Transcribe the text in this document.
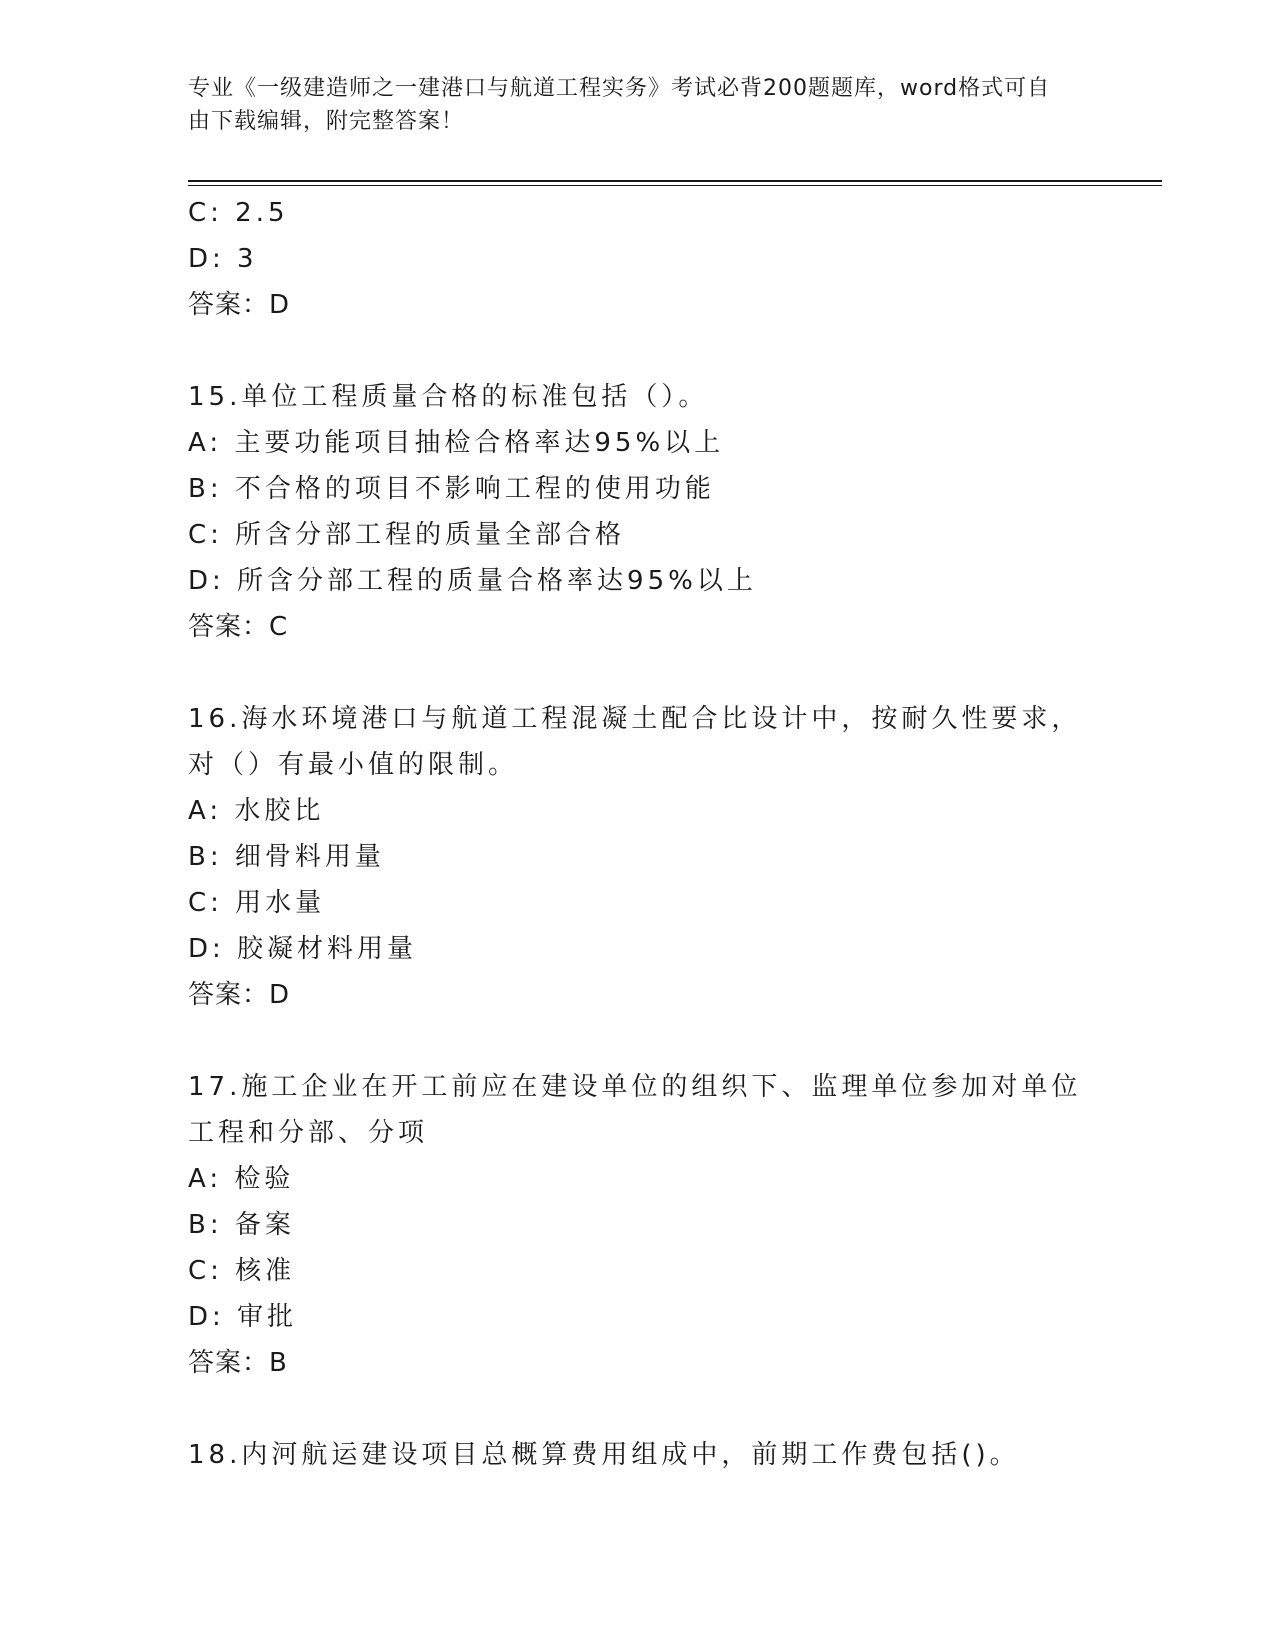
专业《一级建造师之一建港口与航道工程实务》考试必背200题题库，word格式可自由下载编辑，附完整答案！
C: 2.5
D: 3
答案：D
15.单位工程质量合格的标准包括（）。
A: 主要功能项目抽检合格率达95%以上
B: 不合格的项目不影响工程的使用功能
C: 所含分部工程的质量全部合格
D: 所含分部工程的质量合格率达95%以上
答案：C
16.海水环境港口与航道工程混凝土配合比设计中，按耐久性要求，对（）有最小值的限制。
A: 水胶比
B: 细骨料用量
C: 用水量
D: 胶凝材料用量
答案：D
17.施工企业在开工前应在建设单位的组织下、监理单位参加对单位工程和分部、分项
A: 检验
B: 备案
C: 核准
D: 审批
答案：B
18.内河航运建设项目总概算费用组成中，前期工作费包括()。
